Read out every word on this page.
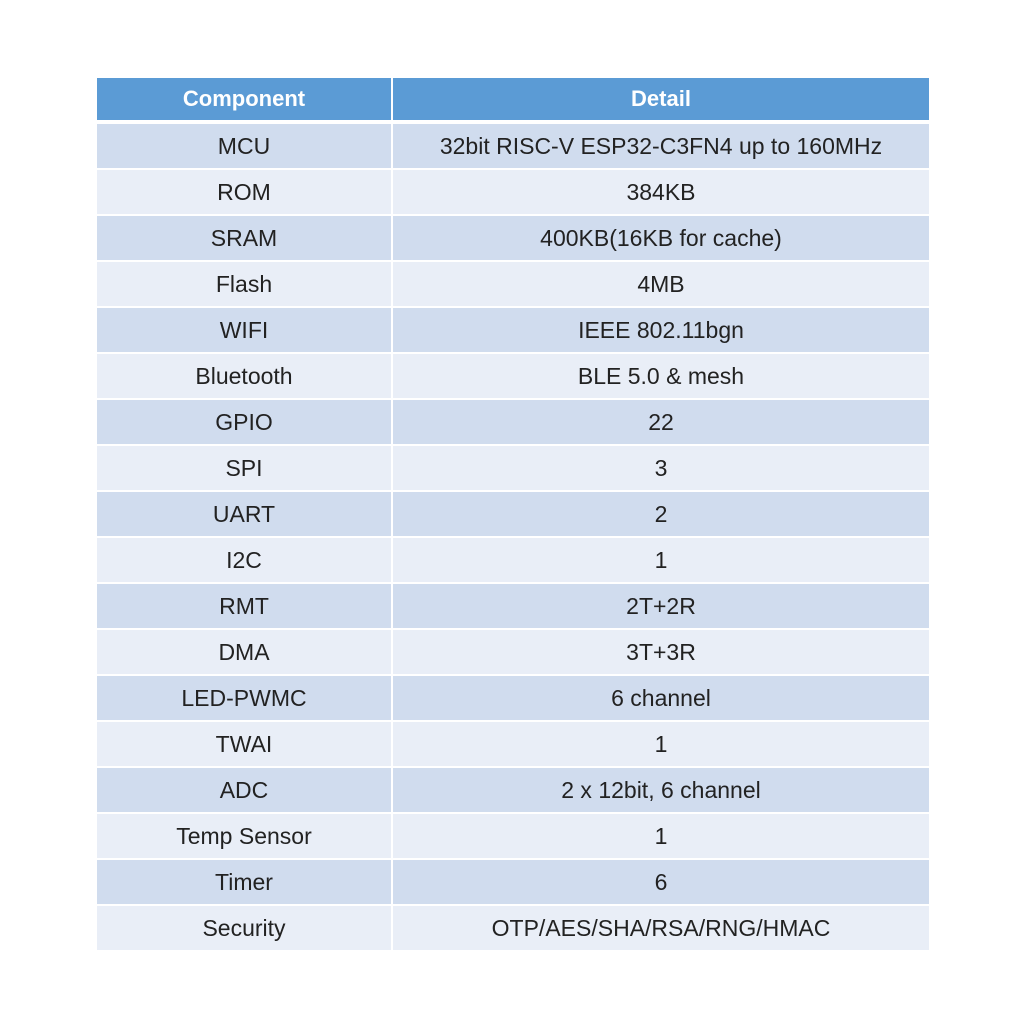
Component	Detail
MCU	32bit RISC-V ESP32-C3FN4 up to 160MHz
ROM	384KB
SRAM	400KB(16KB for cache)
Flash	4MB
WIFI	IEEE 802.11bgn
Bluetooth	BLE 5.0 & mesh
GPIO	22
SPI	3
UART	2
I2C	1
RMT	2T+2R
DMA	3T+3R
LED-PWMC	6 channel
TWAI	1
ADC	2 x 12bit, 6 channel
Temp Sensor	1
Timer	6
Security	OTP/AES/SHA/RSA/RNG/HMAC
